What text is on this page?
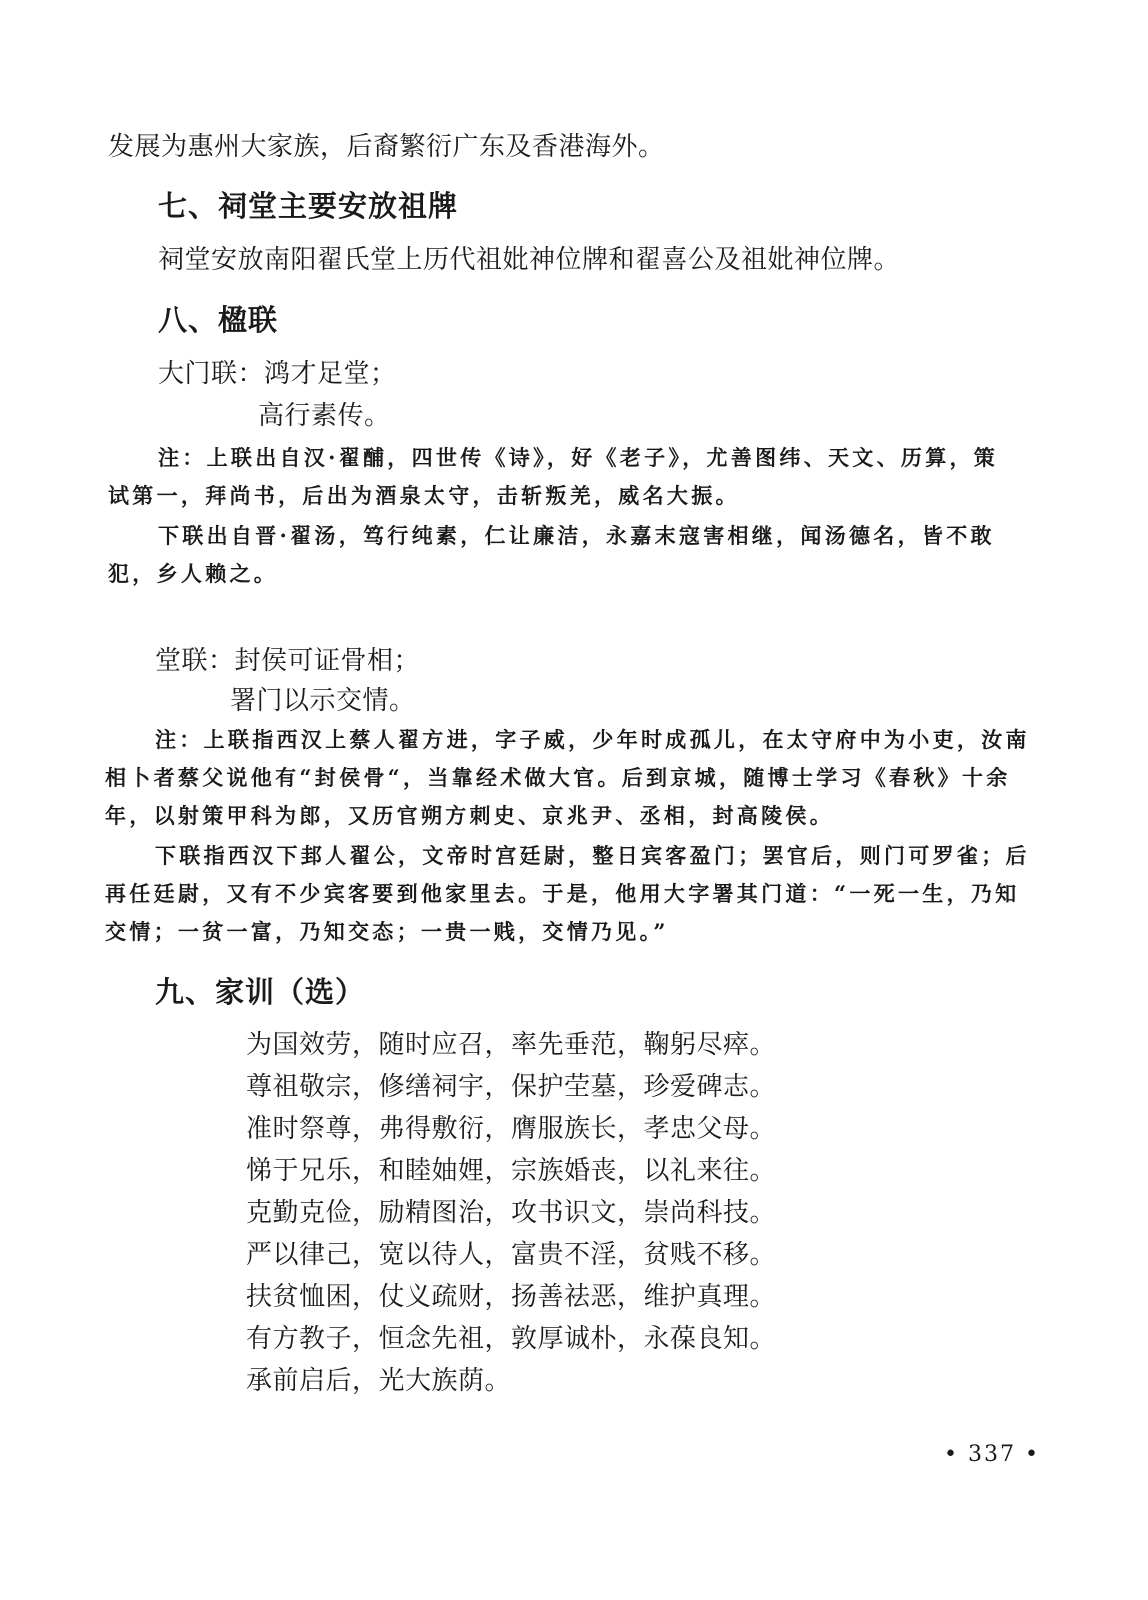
发展为惠州大家族，后裔繁衍广东及香港海外。

七、祠堂主要安放祖牌

祠堂安放南阳翟氏堂上历代祖妣神位牌和翟喜公及祖妣神位牌。

八、楹联

大门联：鸿才足堂；

高行素传。

注：上联出自汉·翟酺，四世传《诗》，好《老子》，尤善图纬、天文、历算，策

试第一，拜尚书，后出为酒泉太守，击斩叛羌，威名大振。

下联出自晋·翟汤，笃行纯素，仁让廉洁，永嘉末寇害相继，闻汤德名，皆不敢

犯，乡人赖之。

堂联：封侯可证骨相；

署门以示交情。

注：上联指西汉上蔡人翟方进，字子威，少年时成孤儿，在太守府中为小吏，汝南

相卜者蔡父说他有“封侯骨“，当靠经术做大官。后到京城，随博士学习《春秋》十余

年，以射策甲科为郎，又历官朔方刺史、京兆尹、丞相，封高陵侯。

下联指西汉下邽人翟公，文帝时宫廷尉，整日宾客盈门；罢官后，则门可罗雀；后

再任廷尉，又有不少宾客要到他家里去。于是，他用大字署其门道：“一死一生，乃知

交情；一贫一富，乃知交态；一贵一贱，交情乃见。”

九、家训（选）

为国效劳，随时应召，率先垂范，鞠躬尽瘁。

尊祖敬宗，修缮祠宇，保护茔墓，珍爱碑志。

准时祭尊，弗得敷衍，膺服族长，孝忠父母。

悌于兄乐，和睦妯娌，宗族婚丧，以礼来往。

克勤克俭，励精图治，攻书识文，崇尚科技。

严以律己，宽以待人，富贵不淫，贫贱不移。

扶贫恤困，仗义疏财，扬善祛恶，维护真理。

有方教子，恒念先祖，敦厚诚朴，永葆良知。

承前启后，光大族荫。

• 337 •
